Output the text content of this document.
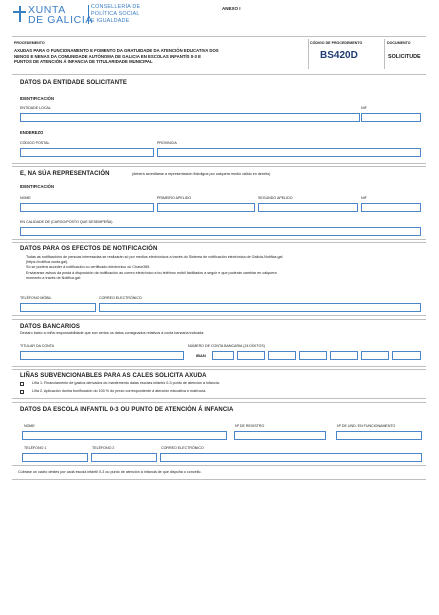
XUNTA
DE GALICIA
CONSELLERÍA DE
POLÍTICA SOCIAL
E IGUALDADE
ANEXO I
PROCEDEMENTO
AXUDAS PARA O FUNCIONAMENTO E FOMENTO DA GRATUIDADE DA ATENCIÓN EDUCATIVA DOS
NENOS E NENAS DA COMUNIDADE AUTÓNOMA DE GALICIA EN ESCOLAS INFANTÍS 0-3 E
PUNTOS DE ATENCIÓN Á INFANCIA DE TITULARIDADE MUNICIPAL
CÓDIGO DE PROCEDEMENTO
BS420D
DOCUMENTO
SOLICITUDE
DATOS DA ENTIDADE SOLICITANTE
IDENTIFICACIÓN
ENTIDADE LOCAL	NIF
ENDEREZO
CÓDIGO POSTAL	PROVINCIA
E, NA SÚA REPRESENTACIÓN	(deberá acreditarse a representación fidedigna por calquera medio válido en dereito)
IDENTIFICACIÓN
NOME	PRIMEIRO APELIDO	SEGUNDO APELIDO	NIF
EN CALIDADE DE (CARGO/POSTO QUE DESEMPEÑA)
DATOS PARA OS EFECTOS DE NOTIFICACIÓN
Todas as notificacións de persoas interesadas se realizarán só por medios electrónicos a través do Sistema de notificación electrónica de Galicia-Notifica.gal
(https://notifica.xunta.gal).
Só se poderá acceder á notificación co certificado electrónico ou Chave365.
Enviaranse avisos da posta á disposición da notificación ao correo electrónico e/ou teléfono móbil facilitados a seguir e que poderán cambiar en calquera
momento a través de Notifica.gal:
TELÉFONO MÓBIL	CORREO ELECTRÓNICO
DATOS BANCARIOS
Declaro baixo a miña responsabilidade que son certos os datos consignados relativos á conta bancaria indicada.
TITULAR DA CONTA	NÚMERO DE CONTA BANCARIA (24 DÍXITOS)
IBAN
LIÑAS SUBVENCIONABLES PARA AS CALES SOLICITA AXUDA
Liña 1. Financiamento de gastos derivados do mantemento dalas escolas infantís 0-3 punto de atención á infancia.
Liña 2. Aplicación dunha bonificación do 100 % do prezo correspondente á atención educativa e matrícula.
DATOS DA ESCOLA INFANTIL 0-3 OU PUNTO DE ATENCIÓN Á INFANCIA
NOME	Nº DE REXISTRO	Nº DE UND. EN FUNCIONAMENTO
TELÉFONO 1	TELÉFONO 2	CORREO ELECTRÓNICO
Cubrase un cadro destes por cada escola infantil 0-3 ou punto de atención á infancia de que dispoña o concello.
